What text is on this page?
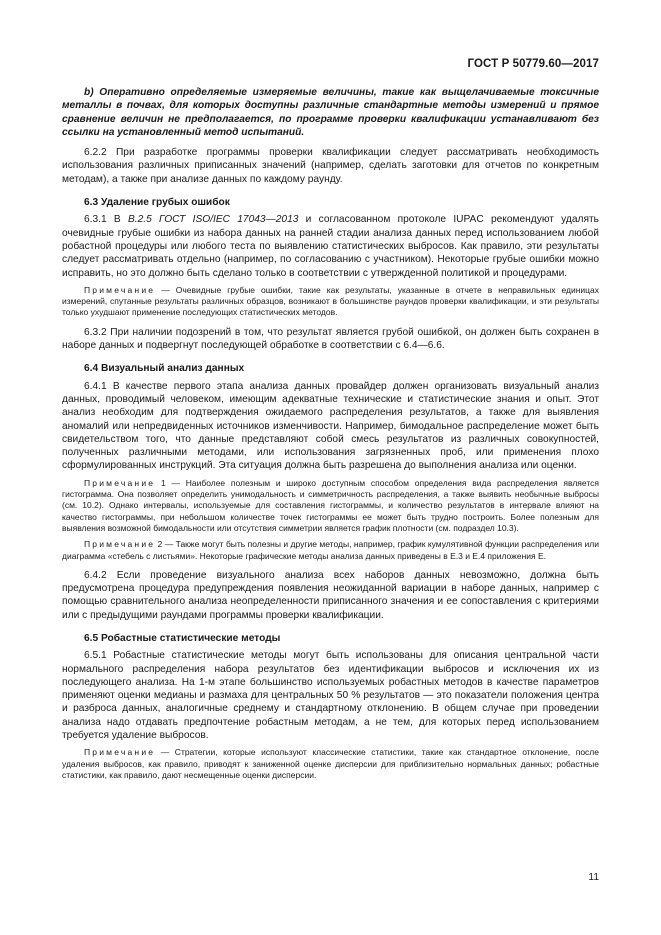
ГОСТ Р 50779.60—2017

b) Оперативно определяемые измеряемые величины, такие как выщелачиваемые токсичные металлы в почвах, для которых доступны различные стандартные методы измерений и прямое сравнение величин не предполагается, по программе проверки квалификации устанавливают без ссылки на установленный метод испытаний.

6.2.2 При разработке программы проверки квалификации следует рассматривать необходимость использования различных приписанных значений (например, сделать заготовки для отчетов по конкретным методам), а также при анализе данных по каждому раунду.

6.3 Удаление грубых ошибок

6.3.1 В В.2.5 ГОСТ ISO/IEC 17043—2013 и согласованном протоколе IUPAC рекомендуют удалять очевидные грубые ошибки из набора данных на ранней стадии анализа данных перед использованием любой робастной процедуры или любого теста по выявлению статистических выбросов. Как правило, эти результаты следует рассматривать отдельно (например, по согласованию с участником). Некоторые грубые ошибки можно исправить, но это должно быть сделано только в соответствии с утвержденной политикой и процедурами.

Примечание — Очевидные грубые ошибки, такие как результаты, указанные в отчете в неправильных единицах измерений, спутанные результаты различных образцов, возникают в большинстве раундов проверки квалификации, и эти результаты только ухудшают применение последующих статистических методов.

6.3.2 При наличии подозрений в том, что результат является грубой ошибкой, он должен быть сохранен в наборе данных и подвергнут последующей обработке в соответствии с 6.4—6.6.

6.4 Визуальный анализ данных

6.4.1 В качестве первого этапа анализа данных провайдер должен организовать визуальный анализ данных, проводимый человеком, имеющим адекватные технические и статистические знания и опыт. Этот анализ необходим для подтверждения ожидаемого распределения результатов, а также для выявления аномалий или непредвиденных источников изменчивости. Например, бимодальное распределение может быть свидетельством того, что данные представляют собой смесь результатов из различных совокупностей, полученных различными методами, или использования загрязненных проб, или применения плохо сформулированных инструкций. Эта ситуация должна быть разрешена до выполнения анализа или оценки.

Примечание 1 — Наиболее полезным и широко доступным способом определения вида распределения является гистограмма. Она позволяет определить унимодальность и симметричность распределения, а также выявить необычные выбросы (см. 10.2). Однако интервалы, используемые для составления гистограммы, и количество результатов в интервале влияют на качество гистограммы, при небольшом количестве точек гистограммы ее может быть трудно построить. Более полезным для выявления возможной бимодальности или отсутствия симметрии является график плотности (см. подраздел 10.3).

Примечание 2 — Также могут быть полезны и другие методы, например, график кумулятивной функции распределения или диаграмма «стебель с листьями». Некоторые графические методы анализа данных приведены в Е.3 и Е.4 приложения Е.

6.4.2 Если проведение визуального анализа всех наборов данных невозможно, должна быть предусмотрена процедура предупреждения появления неожиданной вариации в наборе данных, например с помощью сравнительного анализа неопределенности приписанного значения и ее сопоставления с критериями или с предыдущими раундами программы проверки квалификации.

6.5 Робастные статистические методы

6.5.1 Робастные статистические методы могут быть использованы для описания центральной части нормального распределения набора результатов без идентификации выбросов и исключения их из последующего анализа. На 1-м этапе большинство используемых робастных методов в качестве параметров применяют оценки медианы и размаха для центральных 50 % результатов — это показатели положения центра и разброса данных, аналогичные среднему и стандартному отклонению. В общем случае при проведении анализа надо отдавать предпочтение робастным методам, а не тем, для которых перед использованием требуется удаление выбросов.

Примечание — Стратегии, которые используют классические статистики, такие как стандартное отклонение, после удаления выбросов, как правило, приводят к заниженной оценке дисперсии для приблизительно нормальных данных; робастные статистики, как правило, дают несмещенные оценки дисперсии.

11
